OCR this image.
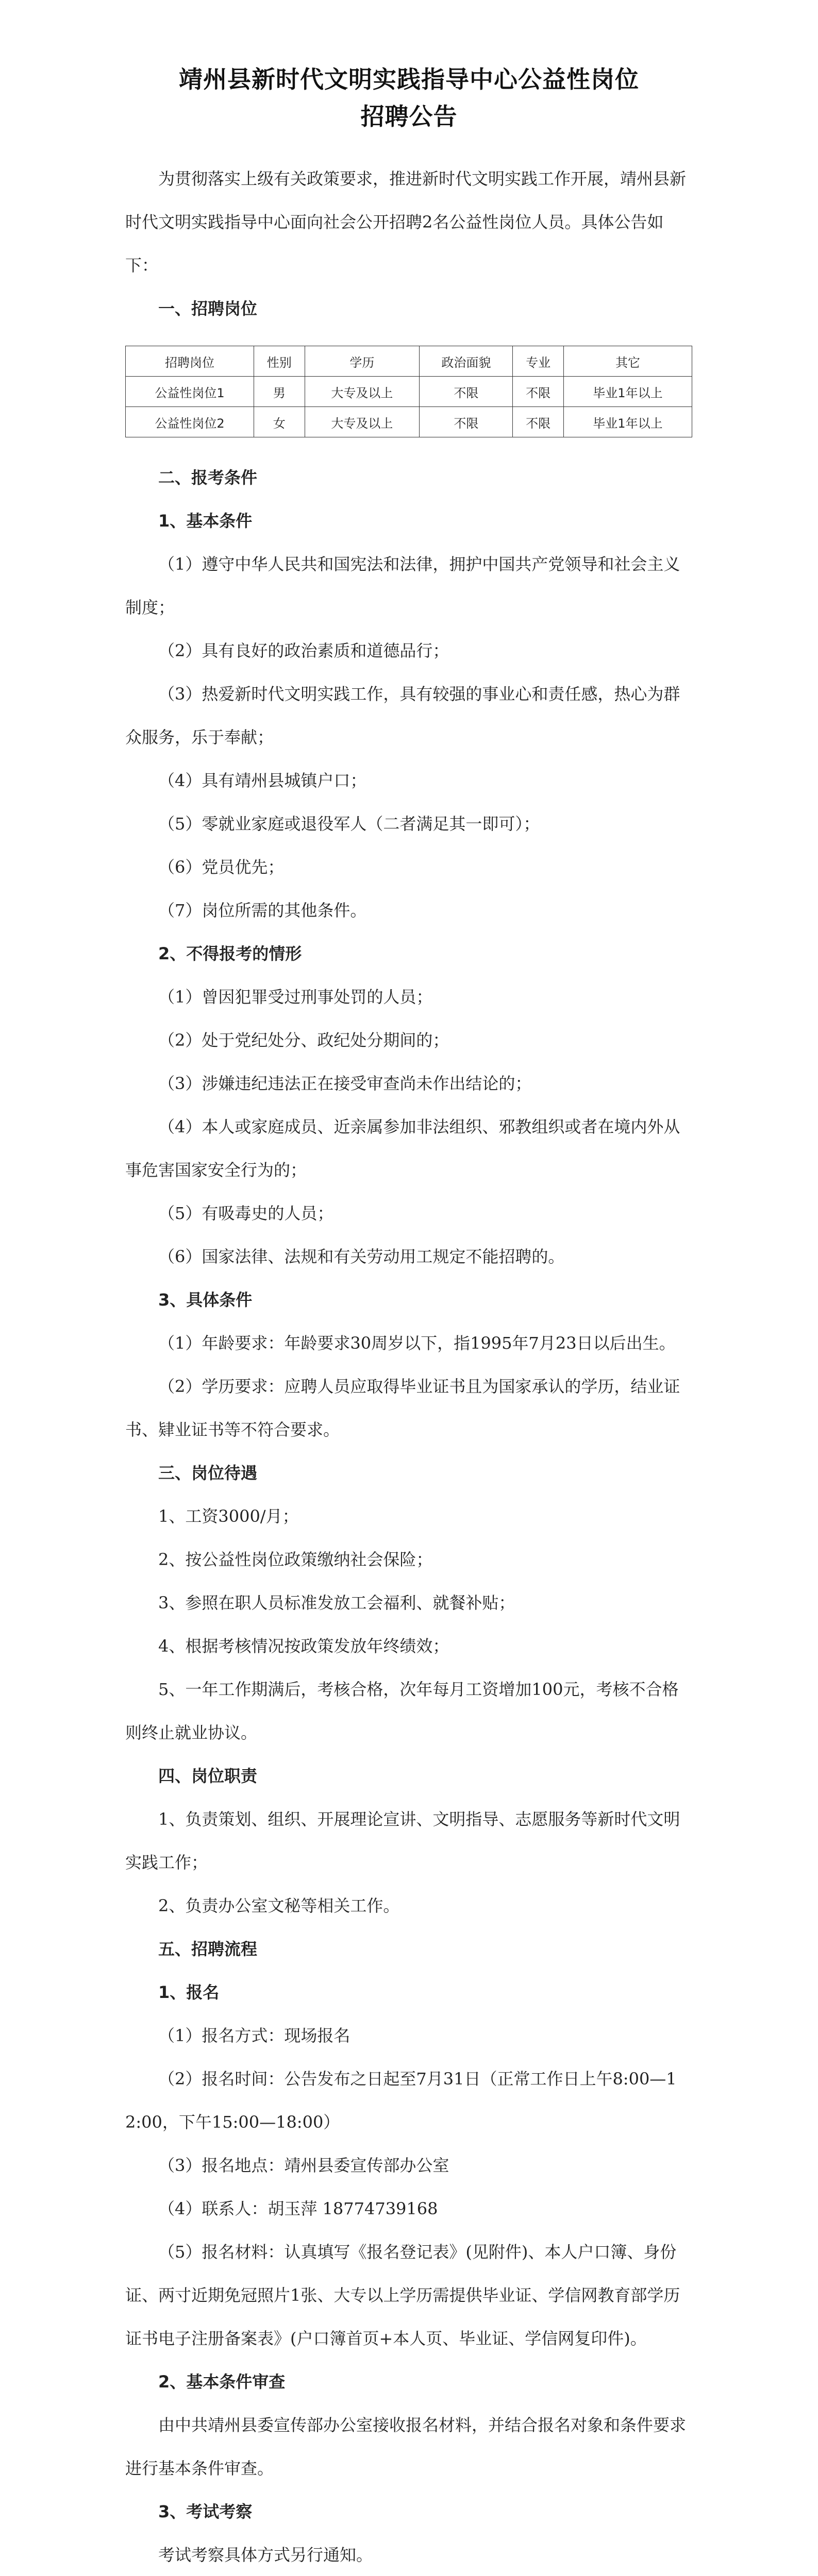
靖州县新时代文明实践指导中心公益性岗位
招聘公告

为贯彻落实上级有关政策要求，推进新时代文明实践工作开展，靖州县新时代文明实践指导中心面向社会公开招聘2名公益性岗位人员。具体公告如下：

一、招聘岗位

招聘岗位	性别	学历	政治面貌	专业	其它
公益性岗位1	男	大专及以上	不限	不限	毕业1年以上
公益性岗位2	女	大专及以上	不限	不限	毕业1年以上

二、报考条件

1、基本条件

（1）遵守中华人民共和国宪法和法律，拥护中国共产党领导和社会主义制度；

（2）具有良好的政治素质和道德品行；

（3）热爱新时代文明实践工作，具有较强的事业心和责任感，热心为群众服务，乐于奉献；

（4）具有靖州县城镇户口；

（5）零就业家庭或退役军人（二者满足其一即可）；

（6）党员优先；

（7）岗位所需的其他条件。

2、不得报考的情形

（1）曾因犯罪受过刑事处罚的人员；

（2）处于党纪处分、政纪处分期间的；

（3）涉嫌违纪违法正在接受审查尚未作出结论的；

（4）本人或家庭成员、近亲属参加非法组织、邪教组织或者在境内外从事危害国家安全行为的；

（5）有吸毒史的人员；

（6）国家法律、法规和有关劳动用工规定不能招聘的。

3、具体条件

（1）年龄要求：年龄要求30周岁以下，指1995年7月23日以后出生。

（2）学历要求：应聘人员应取得毕业证书且为国家承认的学历，结业证书、肄业证书等不符合要求。

三、岗位待遇

1、工资3000/月；

2、按公益性岗位政策缴纳社会保险；

3、参照在职人员标准发放工会福利、就餐补贴；

4、根据考核情况按政策发放年终绩效；

5、一年工作期满后，考核合格，次年每月工资增加100元，考核不合格则终止就业协议。

四、岗位职责

1、负责策划、组织、开展理论宣讲、文明指导、志愿服务等新时代文明实践工作；

2、负责办公室文秘等相关工作。

五、招聘流程

1、报名

（1）报名方式：现场报名

（2）报名时间：公告发布之日起至7月31日（正常工作日上午8:00—12:00，下午15:00—18:00）

（3）报名地点：靖州县委宣传部办公室

（4）联系人：胡玉萍 18774739168

（5）报名材料：认真填写《报名登记表》(见附件)、本人户口簿、身份证、两寸近期免冠照片1张、大专以上学历需提供毕业证、学信网教育部学历证书电子注册备案表》(户口簿首页+本人页、毕业证、学信网复印件)。

2、基本条件审查

由中共靖州县委宣传部办公室接收报名材料，并结合报名对象和条件要求进行基本条件审查。

3、考试考察

考试考察具体方式另行通知。
